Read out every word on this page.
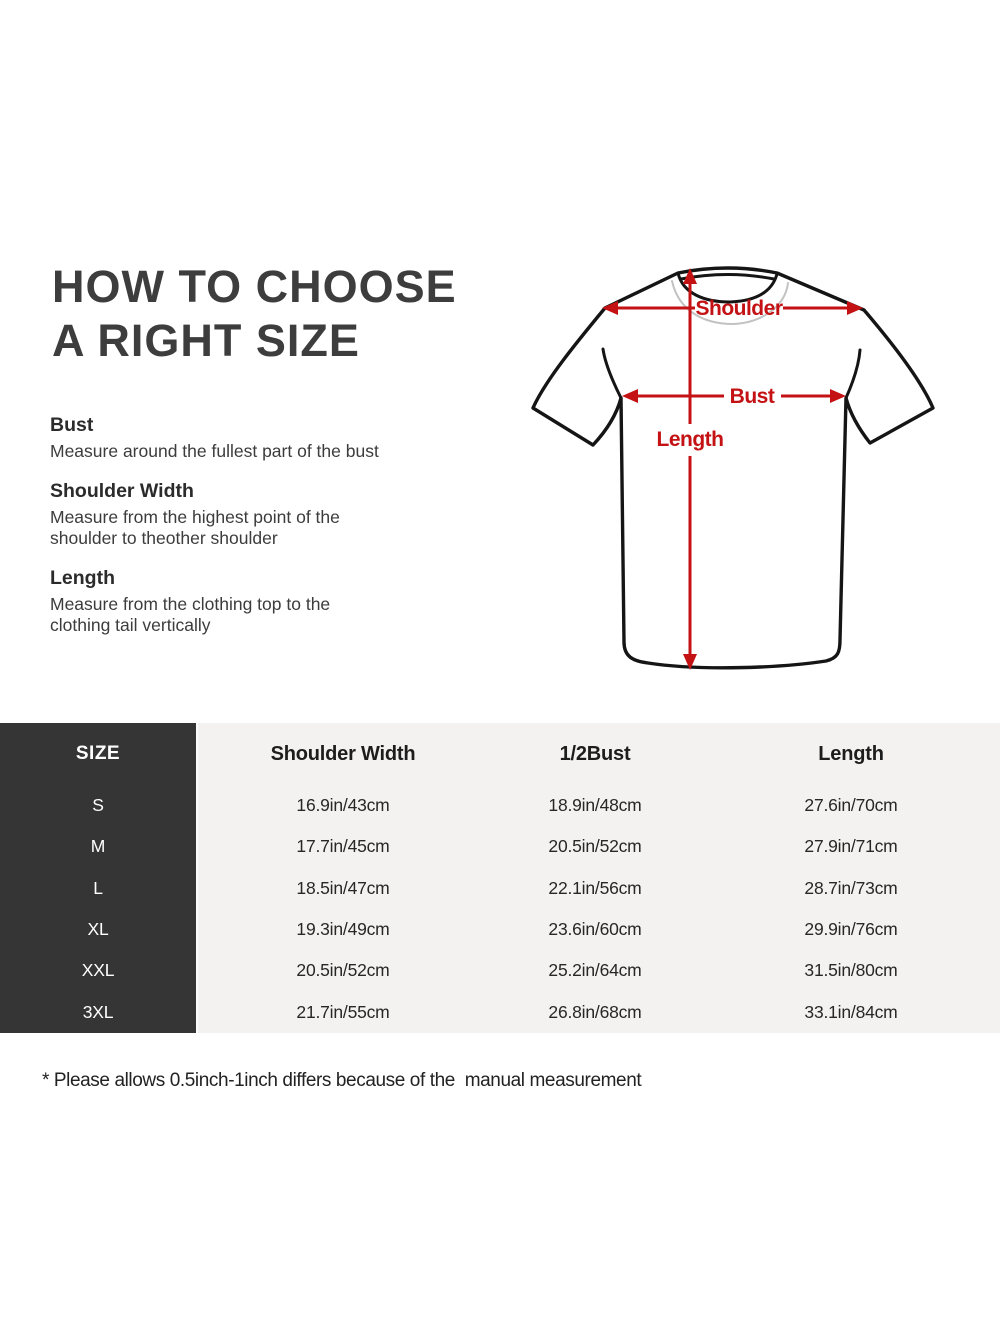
HOW TO CHOOSE
A RIGHT SIZE
Bust

Measure around the fullest part of the bust

Shoulder Width

Measure from the highest point of the
shoulder to theother shoulder

Length

Measure from the clothing top to the
clothing tail vertically

Shoulder
Bust
Length
SIZE	Shoulder Width	1/2Bust	Length
S	16.9in/43cm	18.9in/48cm	27.6in/70cm
M	17.7in/45cm	20.5in/52cm	27.9in/71cm
L	18.5in/47cm	22.1in/56cm	28.7in/73cm
XL	19.3in/49cm	23.6in/60cm	29.9in/76cm
XXL	20.5in/52cm	25.2in/64cm	31.5in/80cm
3XL	21.7in/55cm	26.8in/68cm	33.1in/84cm
* Please allows 0.5inch-1inch differs because of the  manual measurement
